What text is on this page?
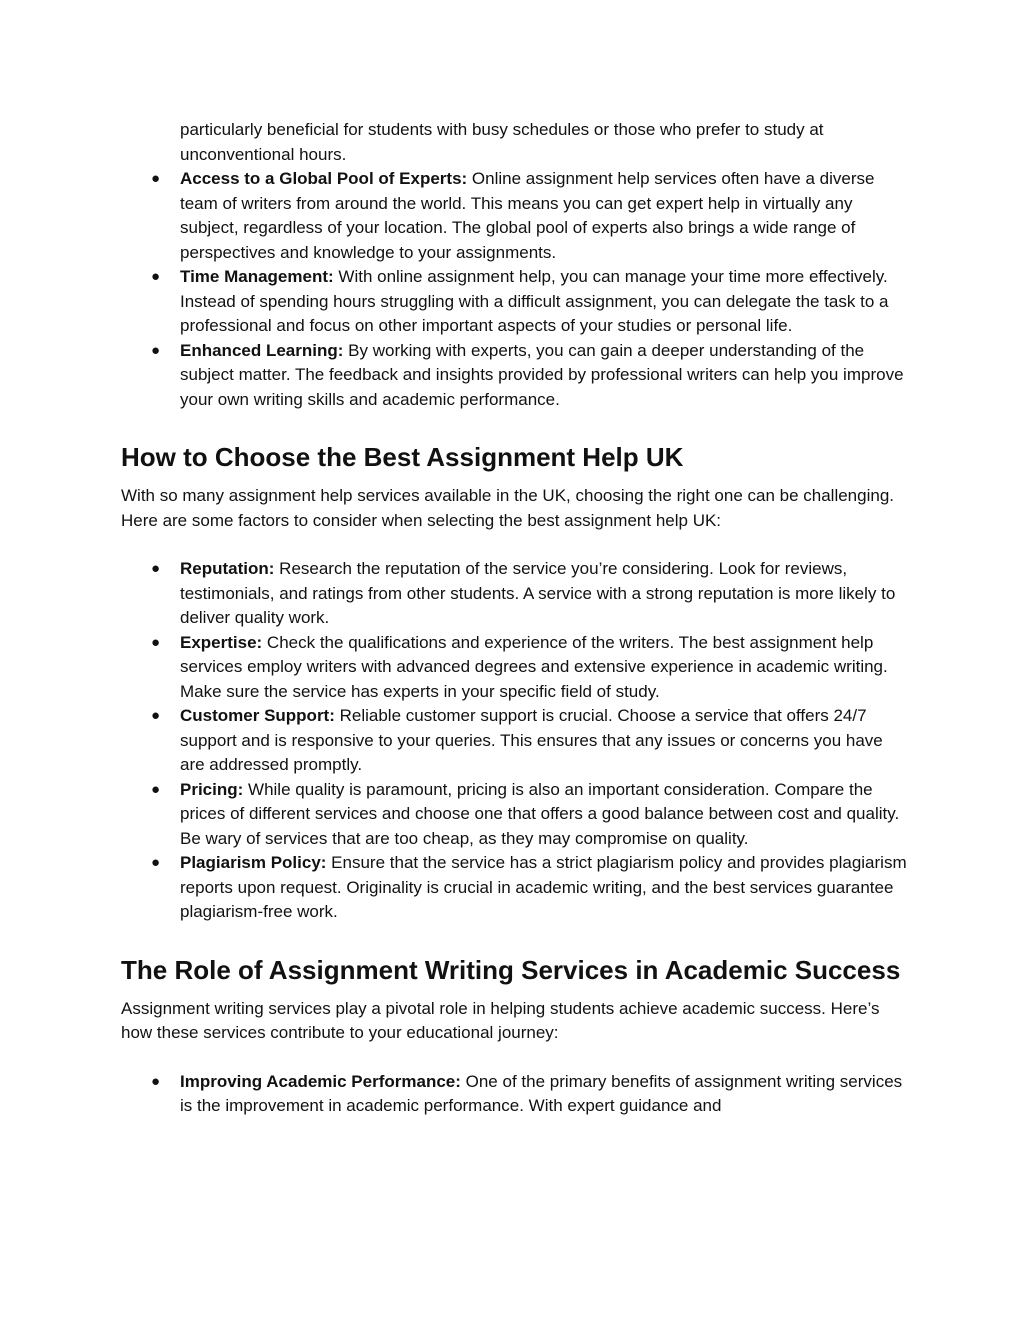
particularly beneficial for students with busy schedules or those who prefer to study at unconventional hours.

● Access to a Global Pool of Experts: Online assignment help services often have a diverse team of writers from around the world. This means you can get expert help in virtually any subject, regardless of your location. The global pool of experts also brings a wide range of perspectives and knowledge to your assignments.
● Time Management: With online assignment help, you can manage your time more effectively. Instead of spending hours struggling with a difficult assignment, you can delegate the task to a professional and focus on other important aspects of your studies or personal life.
● Enhanced Learning: By working with experts, you can gain a deeper understanding of the subject matter. The feedback and insights provided by professional writers can help you improve your own writing skills and academic performance.
How to Choose the Best Assignment Help UK

With so many assignment help services available in the UK, choosing the right one can be challenging. Here are some factors to consider when selecting the best assignment help UK:

● Reputation: Research the reputation of the service you’re considering. Look for reviews, testimonials, and ratings from other students. A service with a strong reputation is more likely to deliver quality work.
● Expertise: Check the qualifications and experience of the writers. The best assignment help services employ writers with advanced degrees and extensive experience in academic writing. Make sure the service has experts in your specific field of study.
● Customer Support: Reliable customer support is crucial. Choose a service that offers 24/7 support and is responsive to your queries. This ensures that any issues or concerns you have are addressed promptly.
● Pricing: While quality is paramount, pricing is also an important consideration. Compare the prices of different services and choose one that offers a good balance between cost and quality. Be wary of services that are too cheap, as they may compromise on quality.
● Plagiarism Policy: Ensure that the service has a strict plagiarism policy and provides plagiarism reports upon request. Originality is crucial in academic writing, and the best services guarantee plagiarism-free work.
The Role of Assignment Writing Services in Academic Success

Assignment writing services play a pivotal role in helping students achieve academic success. Here’s how these services contribute to your educational journey:

● Improving Academic Performance: One of the primary benefits of assignment writing services is the improvement in academic performance. With expert guidance and
